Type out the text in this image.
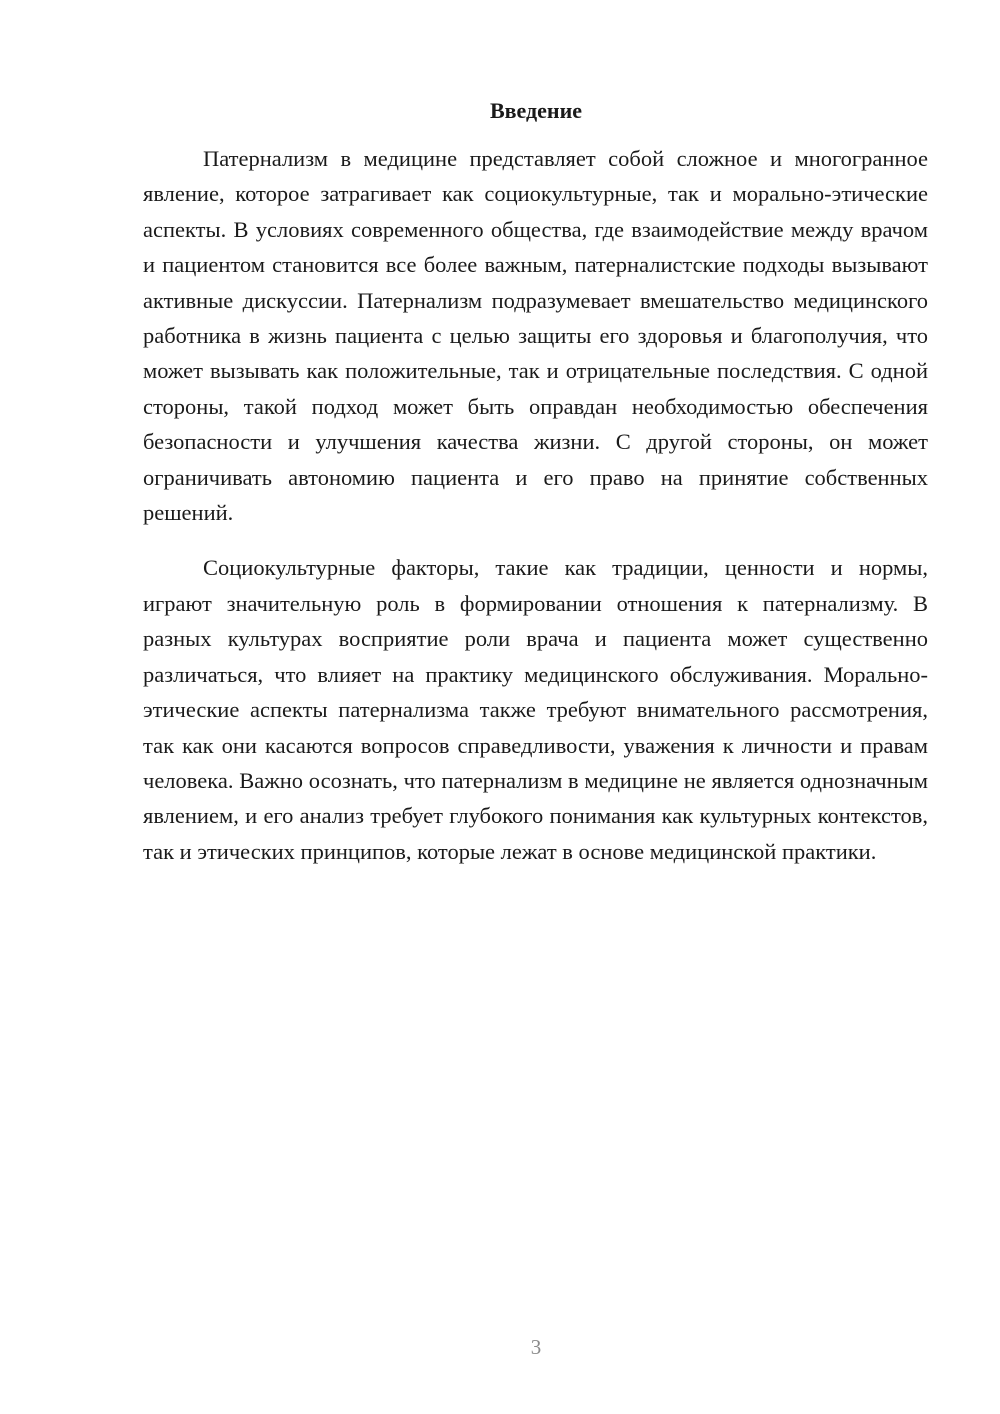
Введение

Патернализм в медицине представляет собой сложное и многогранное явление, которое затрагивает как социокультурные, так и морально-этические аспекты. В условиях современного общества, где взаимодействие между врачом и пациентом становится все более важным, патерналистские подходы вызывают активные дискуссии. Патернализм подразумевает вмешательство медицинского работника в жизнь пациента с целью защиты его здоровья и благополучия, что может вызывать как положительные, так и отрицательные последствия. С одной стороны, такой подход может быть оправдан необходимостью обеспечения безопасности и улучшения качества жизни. С другой стороны, он может ограничивать автономию пациента и его право на принятие собственных решений.

Социокультурные факторы, такие как традиции, ценности и нормы, играют значительную роль в формировании отношения к патернализму. В разных культурах восприятие роли врача и пациента может существенно различаться, что влияет на практику медицинского обслуживания. Морально-этические аспекты патернализма также требуют внимательного рассмотрения, так как они касаются вопросов справедливости, уважения к личности и правам человека. Важно осознать, что патернализм в медицине не является однозначным явлением, и его анализ требует глубокого понимания как культурных контекстов, так и этических принципов, которые лежат в основе медицинской практики.

3
